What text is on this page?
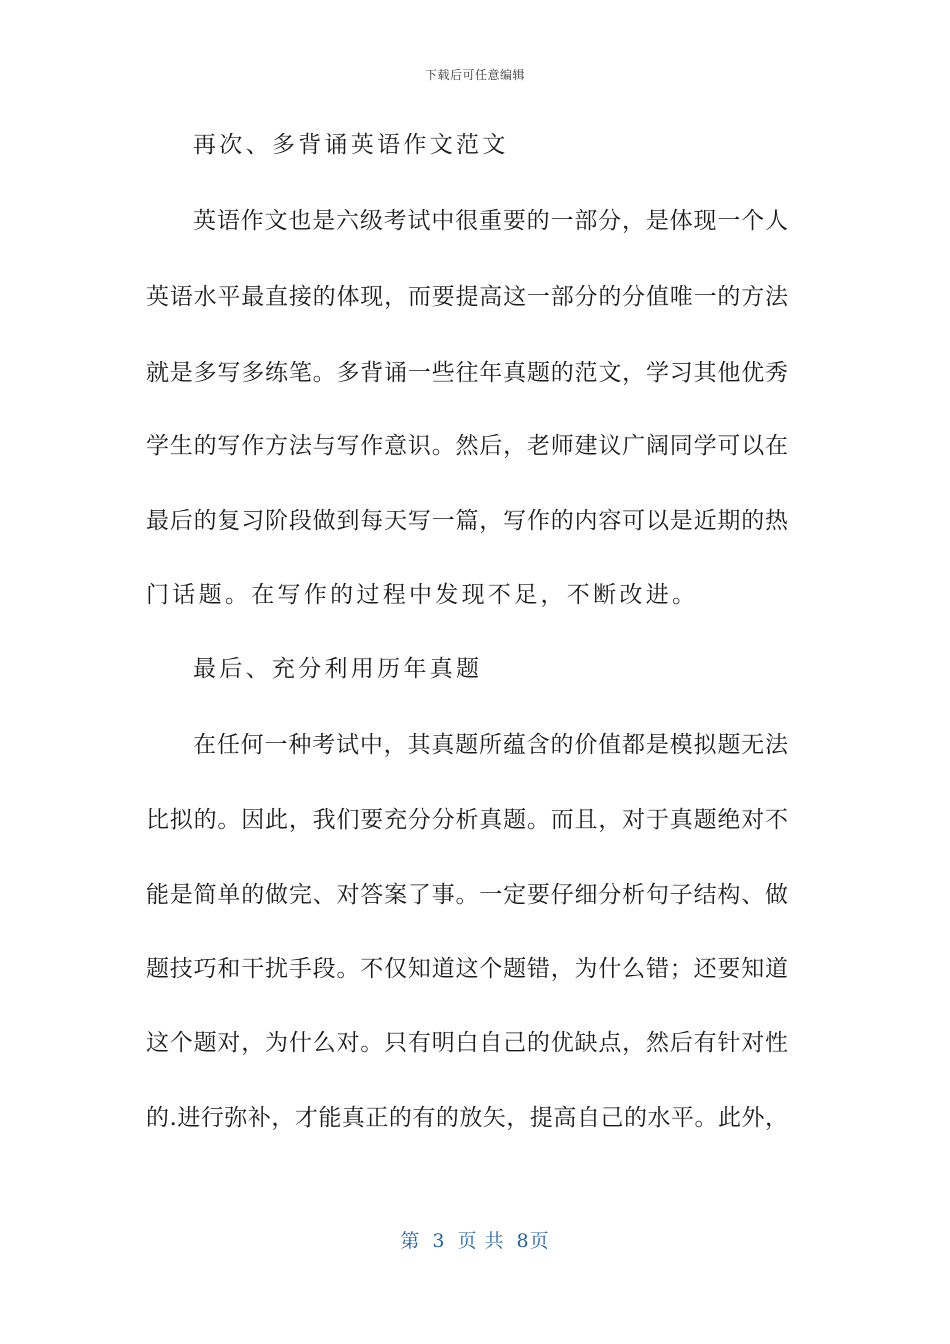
下载后可任意编辑
再次、多背诵英语作文范文
英语作文也是六级考试中很重要的一部分，是体现一个人
英语水平最直接的体现，而要提高这一部分的分值唯一的方法
就是多写多练笔。多背诵一些往年真题的范文，学习其他优秀
学生的写作方法与写作意识。然后，老师建议广阔同学可以在
最后的复习阶段做到每天写一篇，写作的内容可以是近期的热
门话题。在写作的过程中发现不足，不断改进。
最后、充分利用历年真题
在任何一种考试中，其真题所蕴含的价值都是模拟题无法
比拟的。因此，我们要充分分析真题。而且，对于真题绝对不
能是简单的做完、对答案了事。一定要仔细分析句子结构、做
题技巧和干扰手段。不仅知道这个题错，为什么错；还要知道
这个题对，为什么对。只有明白自己的优缺点，然后有针对性
的.进行弥补，才能真正的有的放矢，提高自己的水平。此外，
第 3 页 共 8页
